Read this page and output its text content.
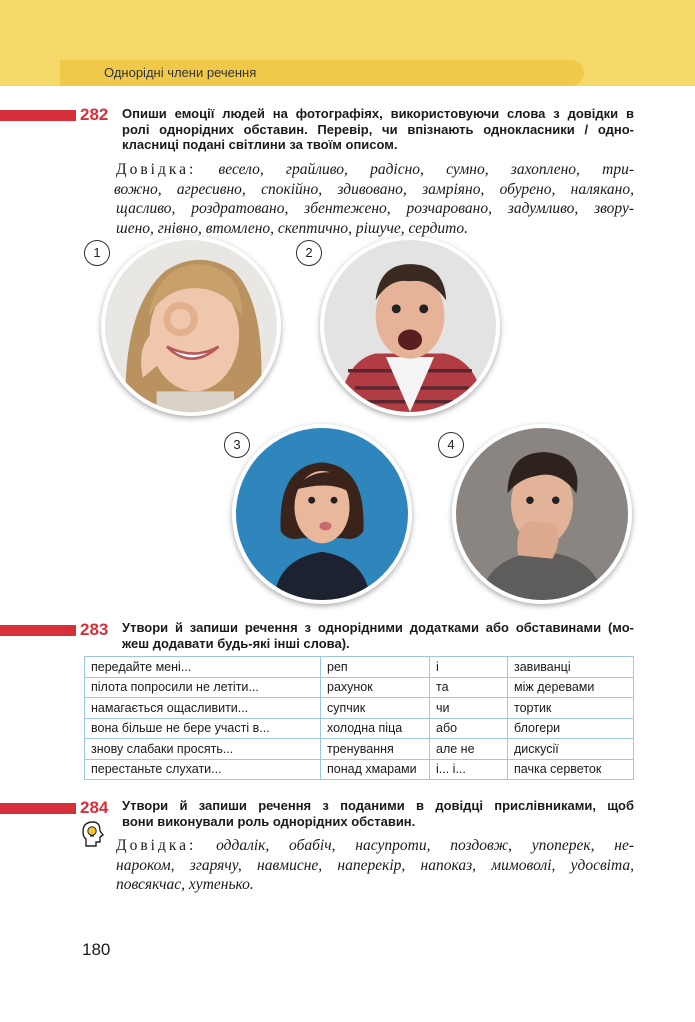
Однорідні члени речення
282 Опиши емоції людей на фотографіях, використовуючи слова з довідки в
ролі однорідних обставин. Перевір, чи впізнають однокласники / одно-
класниці подані світлини за твоїм описом.
Довідка: весело, грайливо, радісно, сумно, захоплено, три-
вожно, агресивно, спокійно, здивовано, замріяно, обурено, налякано,
щасливо, роздратовано, збентежено, розчаровано, задумливо, звору-
шено, гнівно, втомлено, скептично, рішуче, сердито.
1	2
3	4
283 Утвори й запиши речення з однорідними додатками або обставинами (мо-
жеш додавати будь-які інші слова).
передайте мені...	реп	і	завиванці
пілота попросили не летіти...	рахунок	та	між деревами
намагається ощасливити...	супчик	чи	тортик
вона більше не бере участі в...	холодна піца	або	блогери
знову слабаки просять...	тренування	але не	дискусії
перестаньте слухати...	понад хмарами	і... і...	пачка серветок
284 Утвори й запиши речення з поданими в довідці прислівниками, щоб
вони виконували роль однорідних обставин.
Довідка: оддалік, обабіч, насупроти, поздовж, упоперек, не-
нароком, згарячу, навмисне, наперекір, напоказ, мимоволі, удосвіта,
повсякчас, хутенько.
180
